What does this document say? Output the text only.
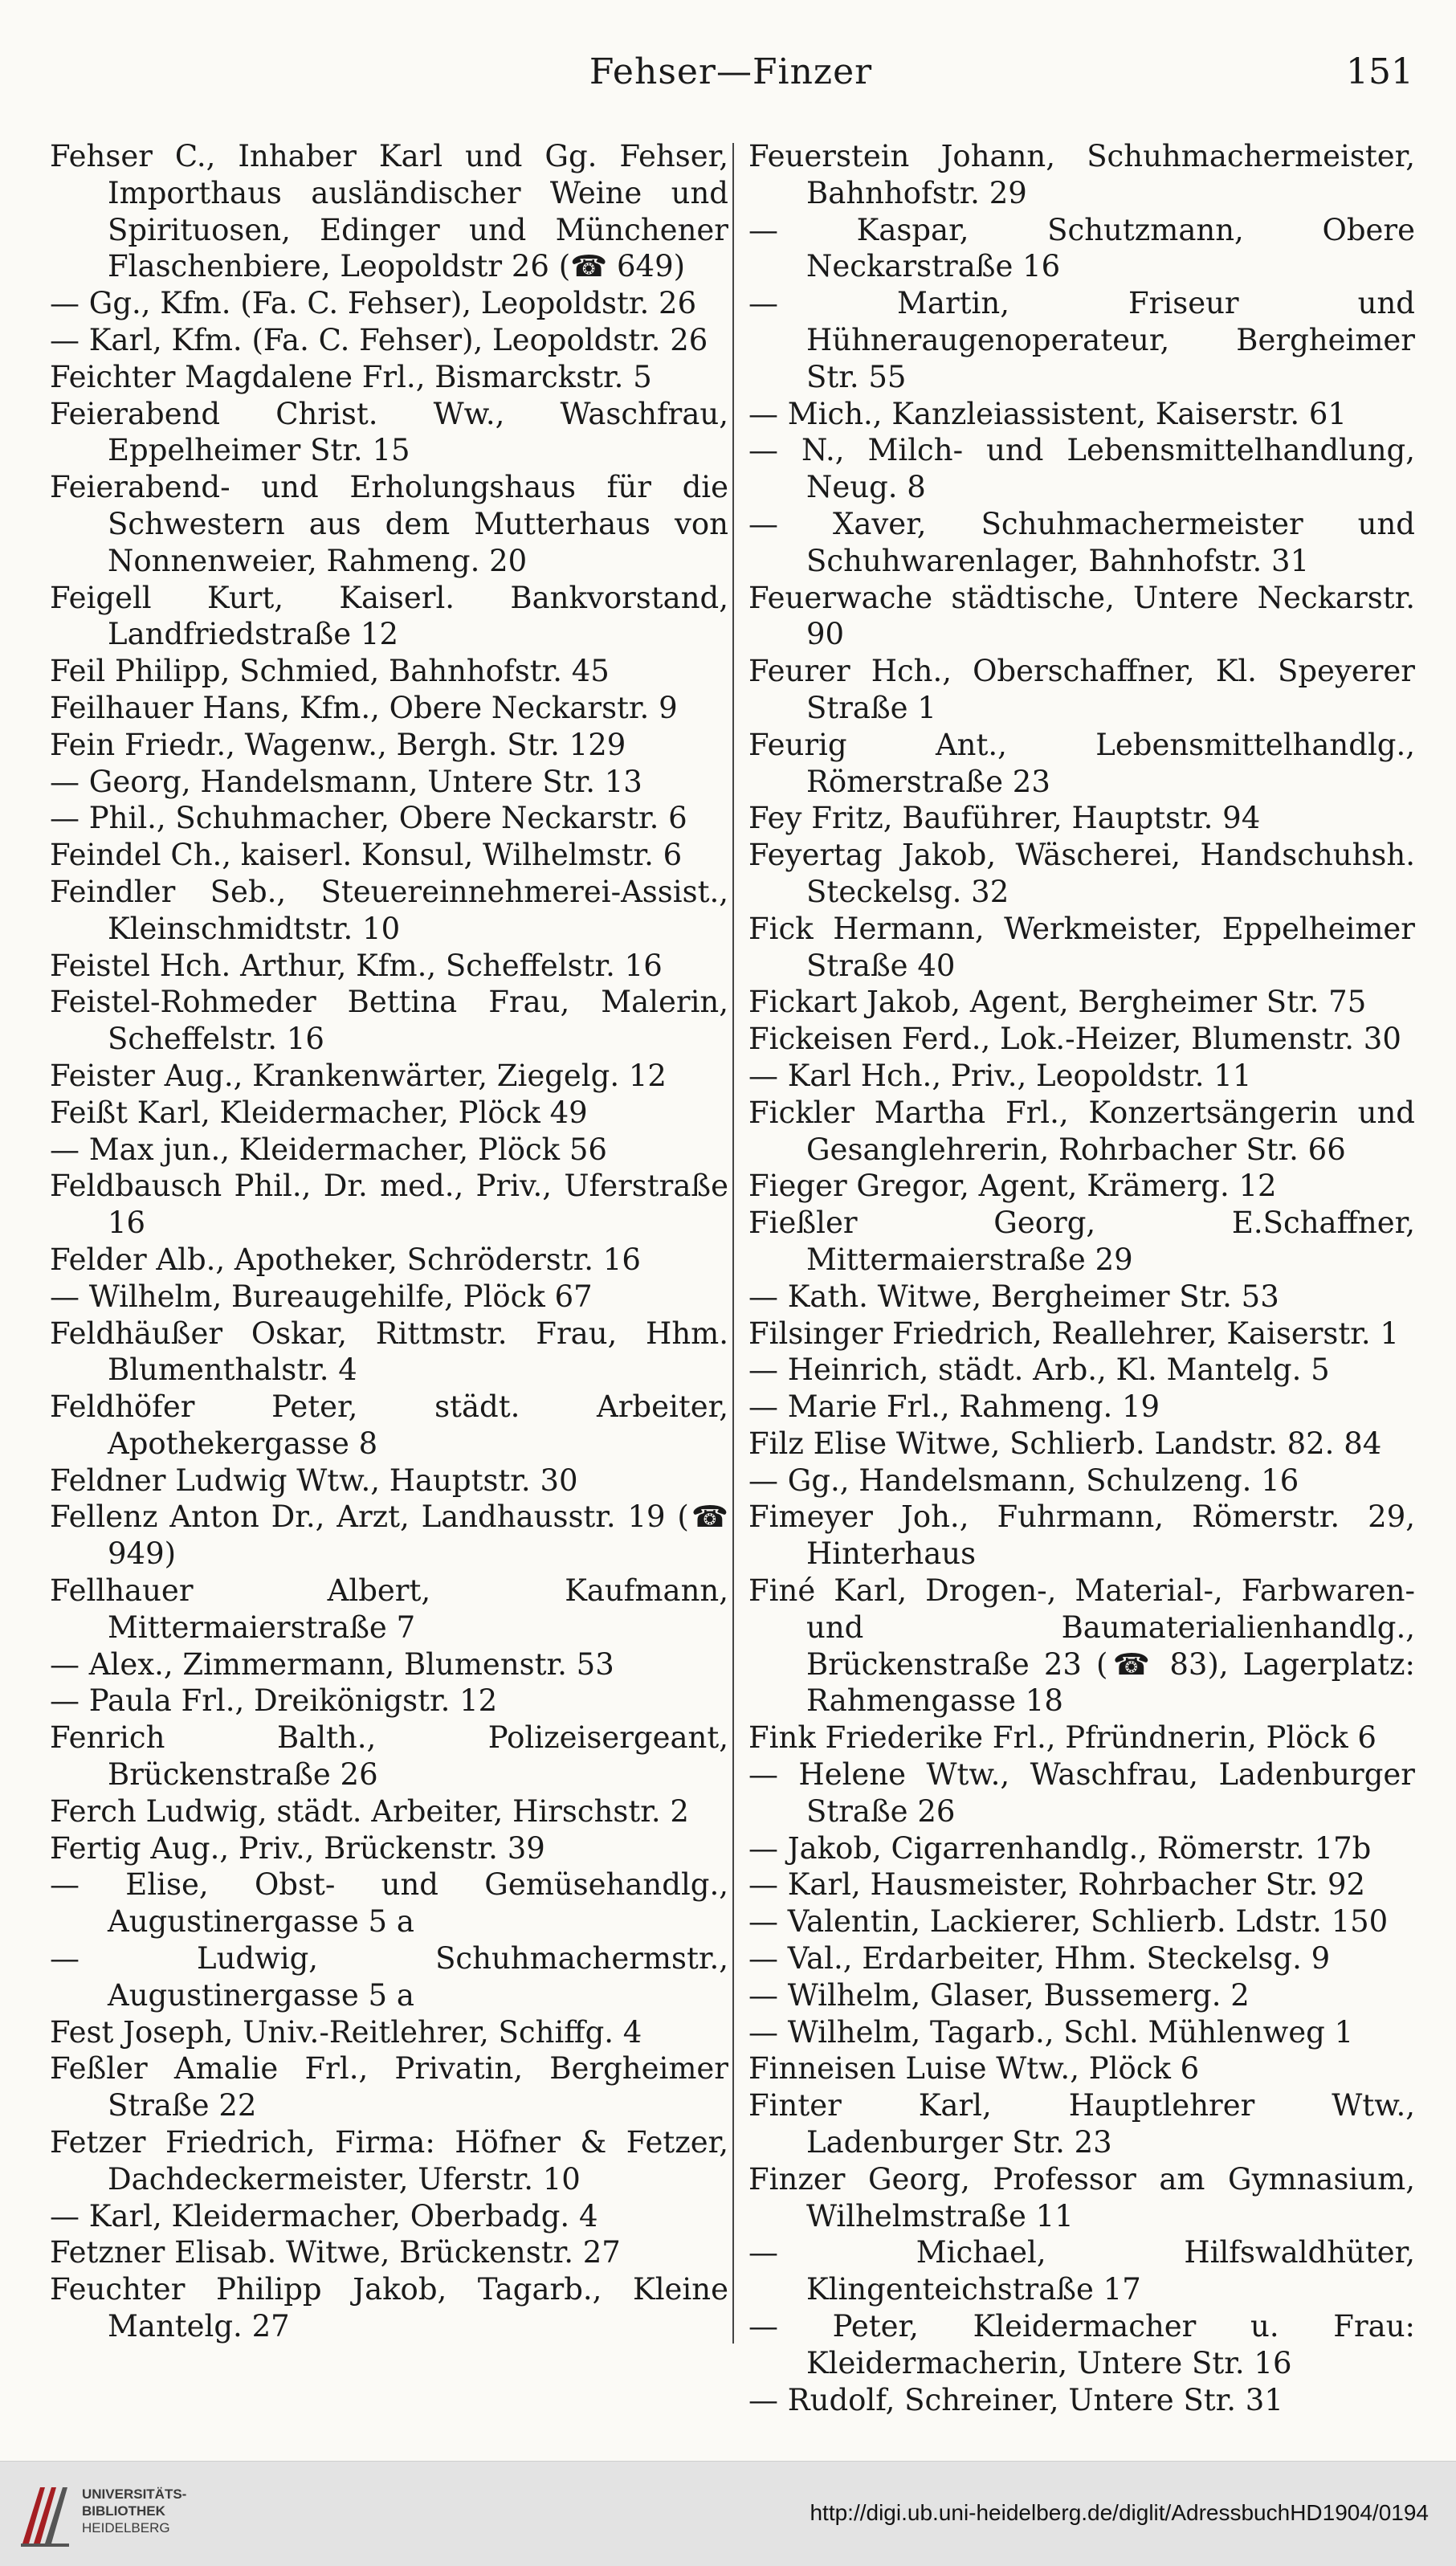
Fehser—Finzer	151
Fehser C., Inhaber Karl und Gg. Fehser, Importhaus ausländischer Weine und Spirituosen, Edinger und Münchener Flaschenbiere, Leopoldstr 26 (☎ 649)
— Gg., Kfm. (Fa. C. Fehser), Leopoldstr. 26
— Karl, Kfm. (Fa. C. Fehser), Leopoldstr. 26
Feichter Magdalene Frl., Bismarckstr. 5
Feierabend Christ. Ww., Waschfrau, Eppelheimer Str. 15
Feierabend- und Erholungshaus für die Schwestern aus dem Mutterhaus von Nonnenweier, Rahmeng. 20
Feigell Kurt, Kaiserl. Bankvorstand, Landfriedstraße 12
Feil Philipp, Schmied, Bahnhofstr. 45
Feilhauer Hans, Kfm., Obere Neckarstr. 9
Fein Friedr., Wagenw., Bergh. Str. 129
— Georg, Handelsmann, Untere Str. 13
— Phil., Schuhmacher, Obere Neckarstr. 6
Feindel Ch., kaiserl. Konsul, Wilhelmstr. 6
Feindler Seb., Steuereinnehmerei-Assist., Kleinschmidtstr. 10
Feistel Hch. Arthur, Kfm., Scheffelstr. 16
Feistel-Rohmeder Bettina Frau, Malerin, Scheffelstr. 16
Feister Aug., Krankenwärter, Ziegelg. 12
Feißt Karl, Kleidermacher, Plöck 49
— Max jun., Kleidermacher, Plöck 56
Feldbausch Phil., Dr. med., Priv., Uferstraße 16
Felder Alb., Apotheker, Schröderstr. 16
— Wilhelm, Bureaugehilfe, Plöck 67
Feldhäußer Oskar, Rittmstr. Frau, Hhm. Blumenthalstr. 4
Feldhöfer Peter, städt. Arbeiter, Apothekergasse 8
Feldner Ludwig Wtw., Hauptstr. 30
Fellenz Anton Dr., Arzt, Landhausstr. 19 (☎ 949)
Fellhauer Albert, Kaufmann, Mittermaierstraße 7
— Alex., Zimmermann, Blumenstr. 53
— Paula Frl., Dreikönigstr. 12
Fenrich Balth., Polizeisergeant, Brückenstraße 26
Ferch Ludwig, städt. Arbeiter, Hirschstr. 2
Fertig Aug., Priv., Brückenstr. 39
— Elise, Obst- und Gemüsehandlg., Augustinergasse 5 a
— Ludwig, Schuhmachermstr., Augustinergasse 5 a
Fest Joseph, Univ.-Reitlehrer, Schiffg. 4
Feßler Amalie Frl., Privatin, Bergheimer Straße 22
Fetzer Friedrich, Firma: Höfner & Fetzer, Dachdeckermeister, Uferstr. 10
— Karl, Kleidermacher, Oberbadg. 4
Fetzner Elisab. Witwe, Brückenstr. 27
Feuchter Philipp Jakob, Tagarb., Kleine Mantelg. 27
Feuerstein Johann, Schuhmachermeister, Bahnhofstr. 29
— Kaspar, Schutzmann, Obere Neckarstraße 16
— Martin, Friseur und Hühneraugenoperateur, Bergheimer Str. 55
— Mich., Kanzleiassistent, Kaiserstr. 61
— N., Milch- und Lebensmittelhandlung, Neug. 8
— Xaver, Schuhmachermeister und Schuhwarenlager, Bahnhofstr. 31
Feuerwache städtische, Untere Neckarstr. 90
Feurer Hch., Oberschaffner, Kl. Speyerer Straße 1
Feurig Ant., Lebensmittelhandlg., Römerstraße 23
Fey Fritz, Bauführer, Hauptstr. 94
Feyertag Jakob, Wäscherei, Handschuhsh. Steckelsg. 32
Fick Hermann, Werkmeister, Eppelheimer Straße 40
Fickart Jakob, Agent, Bergheimer Str. 75
Fickeisen Ferd., Lok.-Heizer, Blumenstr. 30
— Karl Hch., Priv., Leopoldstr. 11
Fickler Martha Frl., Konzertsängerin und Gesanglehrerin, Rohrbacher Str. 66
Fieger Gregor, Agent, Krämerg. 12
Fießler Georg, E.Schaffner, Mittermaierstraße 29
— Kath. Witwe, Bergheimer Str. 53
Filsinger Friedrich, Reallehrer, Kaiserstr. 1
— Heinrich, städt. Arb., Kl. Mantelg. 5
— Marie Frl., Rahmeng. 19
Filz Elise Witwe, Schlierb. Landstr. 82. 84
— Gg., Handelsmann, Schulzeng. 16
Fimeyer Joh., Fuhrmann, Römerstr. 29, Hinterhaus
Finé Karl, Drogen-, Material-, Farbwaren- und Baumaterialienhandlg., Brückenstraße 23 (☎ 83), Lagerplatz: Rahmengasse 18
Fink Friederike Frl., Pfründnerin, Plöck 6
— Helene Wtw., Waschfrau, Ladenburger Straße 26
— Jakob, Cigarrenhandlg., Römerstr. 17b
— Karl, Hausmeister, Rohrbacher Str. 92
— Valentin, Lackierer, Schlierb. Ldstr. 150
— Val., Erdarbeiter, Hhm. Steckelsg. 9
— Wilhelm, Glaser, Bussemerg. 2
— Wilhelm, Tagarb., Schl. Mühlenweg 1
Finneisen Luise Wtw., Plöck 6
Finter Karl, Hauptlehrer Wtw., Ladenburger Str. 23
Finzer Georg, Professor am Gymnasium, Wilhelmstraße 11
— Michael, Hilfswaldhüter, Klingenteichstraße 17
— Peter, Kleidermacher u. Frau: Kleidermacherin, Untere Str. 16
— Rudolf, Schreiner, Untere Str. 31
UNIVERSITÄTS-
BIBLIOTHEK
HEIDELBERG
http://digi.ub.uni-heidelberg.de/diglit/AdressbuchHD1904/0194
